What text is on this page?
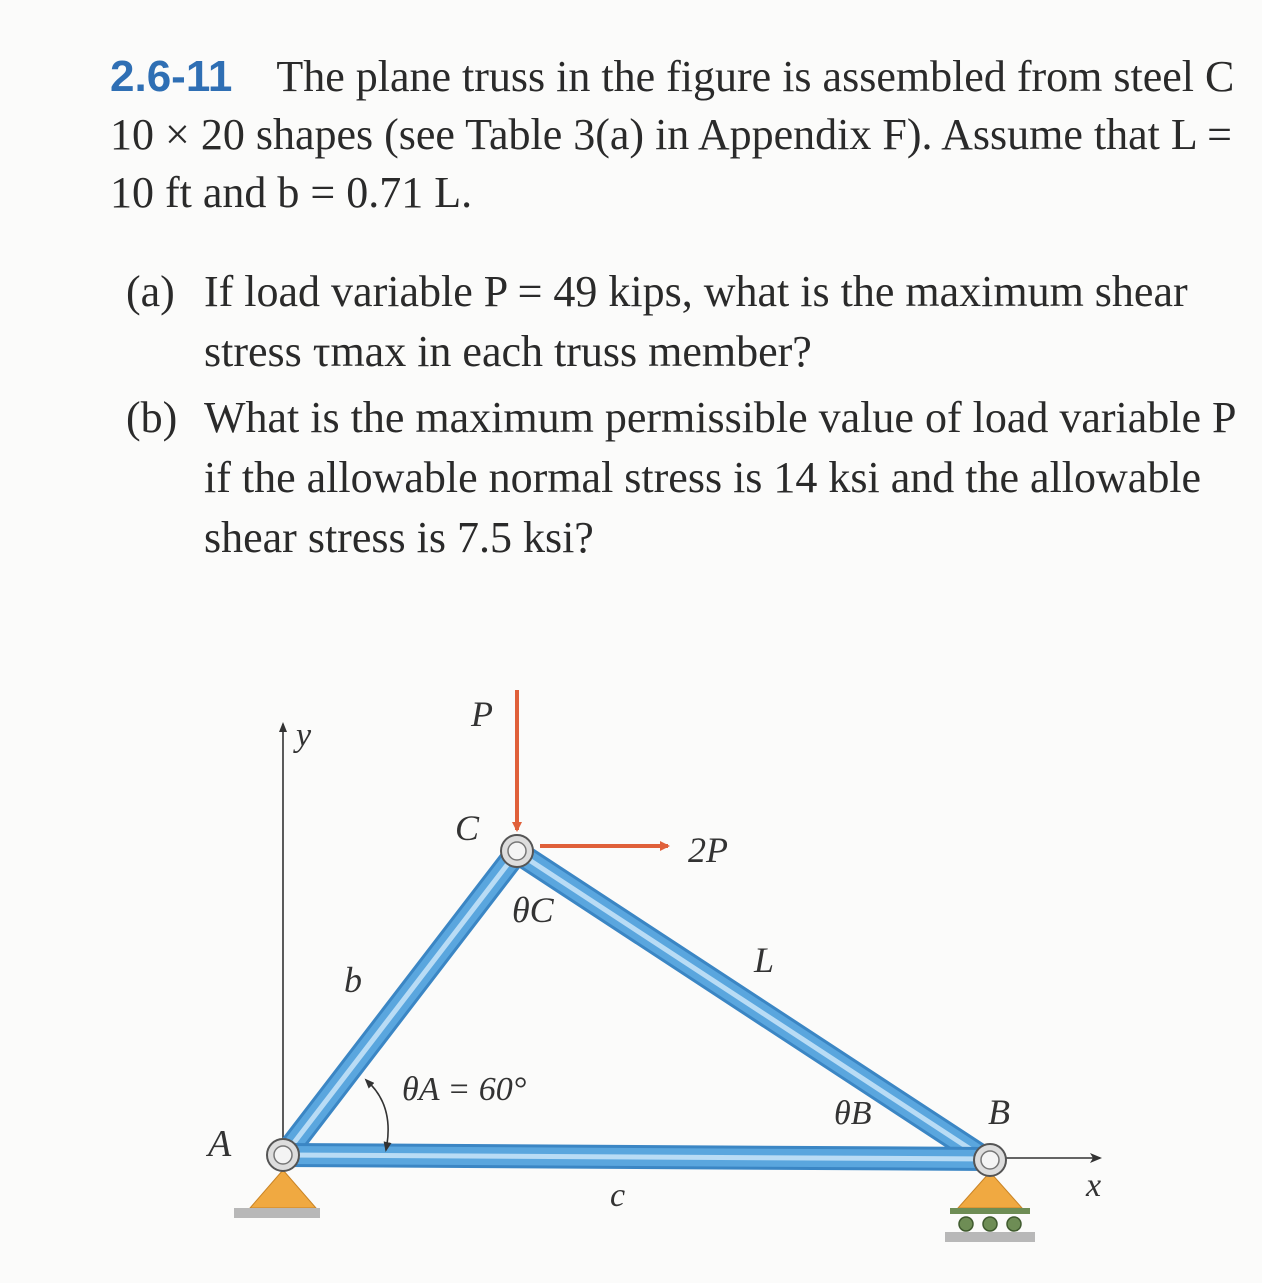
2.6-11 The plane truss in the figure is assembled from steel C 10 × 20 shapes (see Table 3(a) in Appendix F). Assume that L = 10 ft and b = 0.71 L.
(a) If load variable P = 49 kips, what is the maximum shear stress τmax in each truss member?
(b) What is the maximum permissible value of load variable P if the allowable normal stress is 14 ksi and the allowable shear stress is 7.5 ksi?
y
x
P
2P
A
B
C
b	L
c
θA = 60°
θB
θC
